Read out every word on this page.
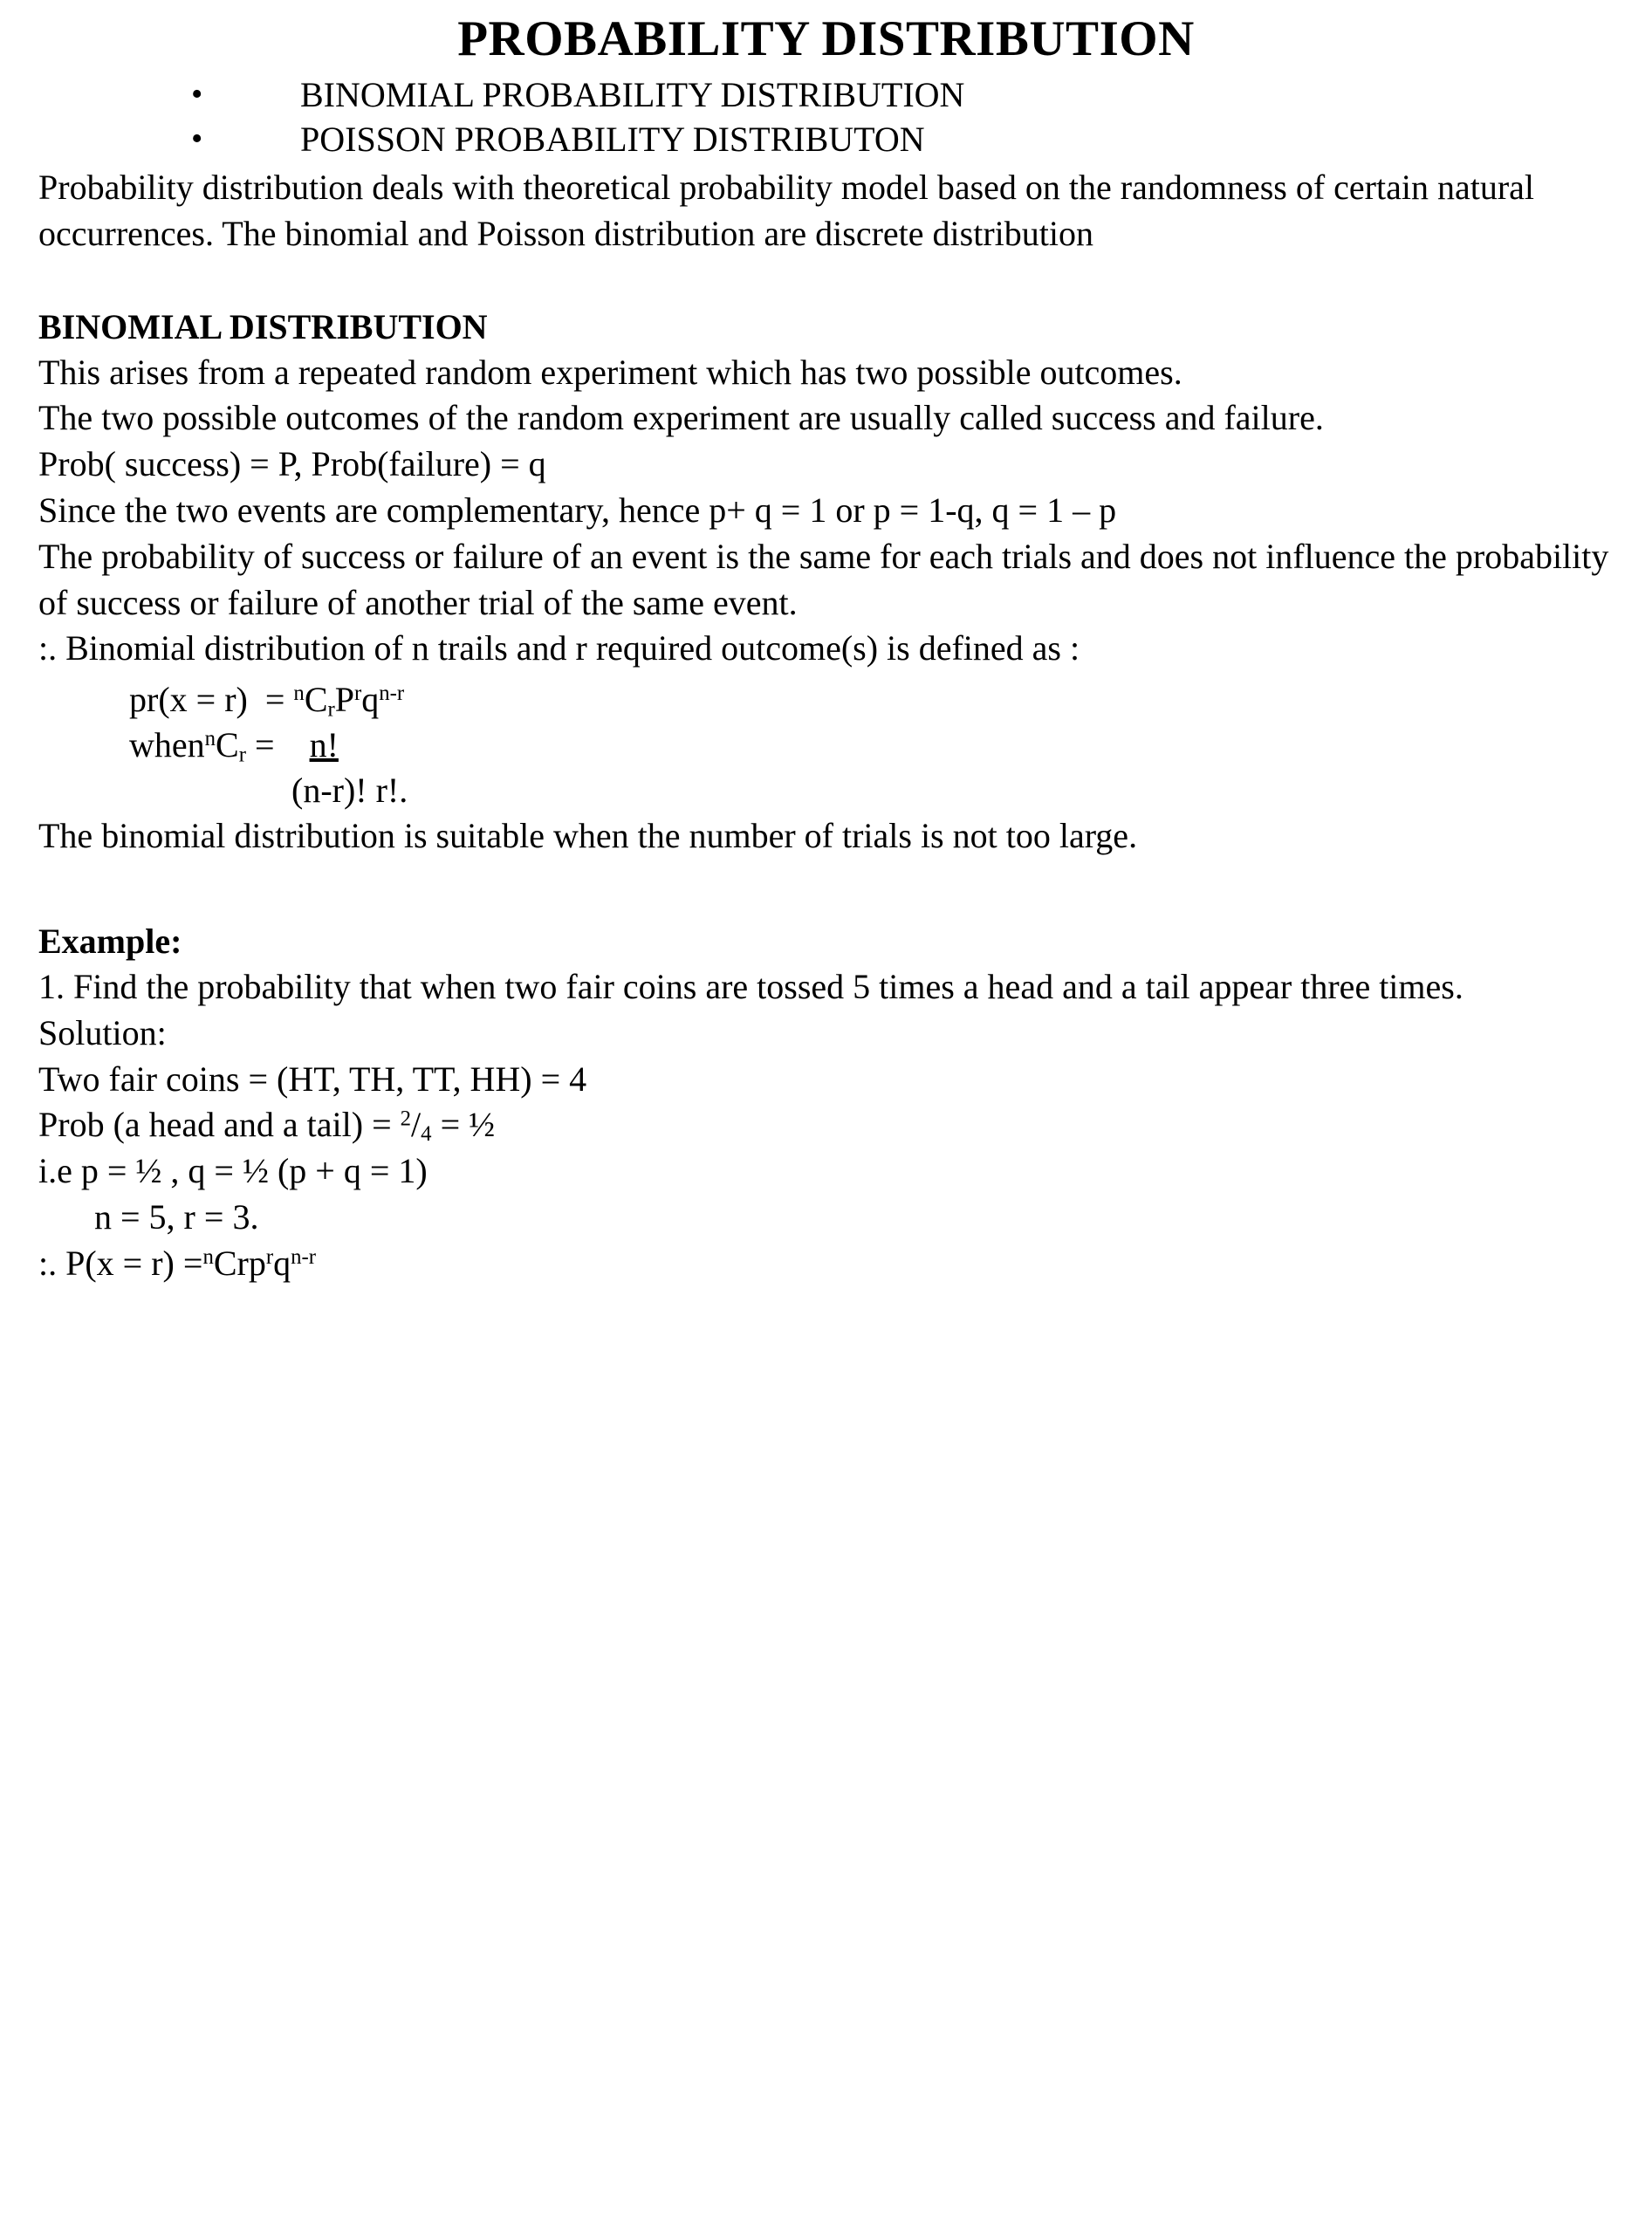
PROBABILITY DISTRIBUTION
•	BINOMIAL PROBABILITY DISTRIBUTION
•	POISSON PROBABILITY DISTRIBUTON

Probability distribution deals with theoretical probability model based on the randomness of certain natural occurrences. The binomial and Poisson distribution are discrete distribution

BINOMIAL DISTRIBUTION

This arises from a repeated random experiment which has two possible outcomes.

The two possible outcomes of the random experiment are usually called success and failure.

Prob( success) = P, Prob(failure) = q

Since the two events are complementary, hence p+ q = 1 or p = 1-q, q = 1 – p

The probability of success or failure of an event is the same for each trials and does not influence the probability of success or failure of another trial of the same event.

:. Binomial distribution of n trails and r required outcome(s) is defined as :

$pr(x = r) = ^nC_rP^rq^{n-r}$
$when^nC_r$ =    n!
(n-r)! r!.

The binomial distribution is suitable when the number of trials is not too large.

Example:

1. Find the probability that when two fair coins are tossed 5 times a head and a tail appear three times.

Solution:

Two fair coins = (HT, TH, TT, HH) = 4

Prob (a head and a tail) = $^2$/4 = ½

i.e p = ½ , q = ½ (p + q = 1)

n = 5, r = 3.

:. $P(x = r) =^nCrp^rq^{n-r}$
